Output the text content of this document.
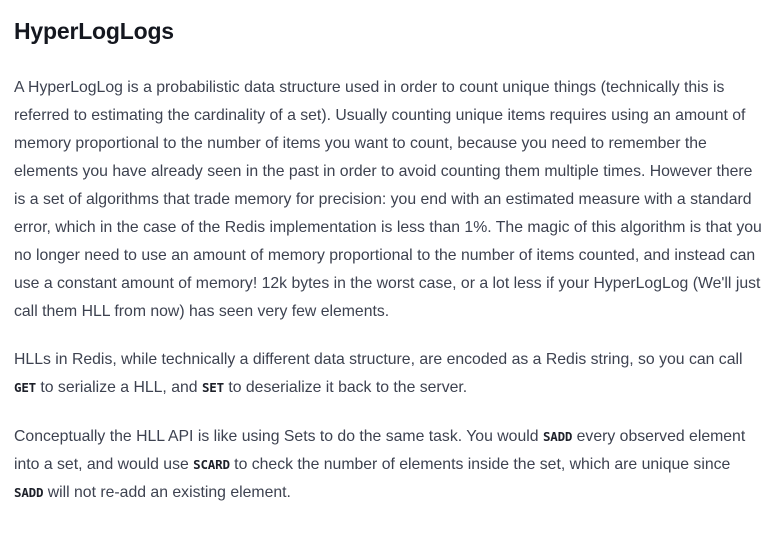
HyperLogLogs

A HyperLogLog is a probabilistic data structure used in order to count unique things (technically this is referred to estimating the cardinality of a set). Usually counting unique items requires using an amount of memory proportional to the number of items you want to count, because you need to remember the elements you have already seen in the past in order to avoid counting them multiple times. However there is a set of algorithms that trade memory for precision: you end with an estimated measure with a standard error, which in the case of the Redis implementation is less than 1%. The magic of this algorithm is that you no longer need to use an amount of memory proportional to the number of items counted, and instead can use a constant amount of memory! 12k bytes in the worst case, or a lot less if your HyperLogLog (We'll just call them HLL from now) has seen very few elements.

HLLs in Redis, while technically a different data structure, are encoded as a Redis string, so you can call GET to serialize a HLL, and SET to deserialize it back to the server.

Conceptually the HLL API is like using Sets to do the same task. You would SADD every observed element into a set, and would use SCARD to check the number of elements inside the set, which are unique since SADD will not re-add an existing element.
